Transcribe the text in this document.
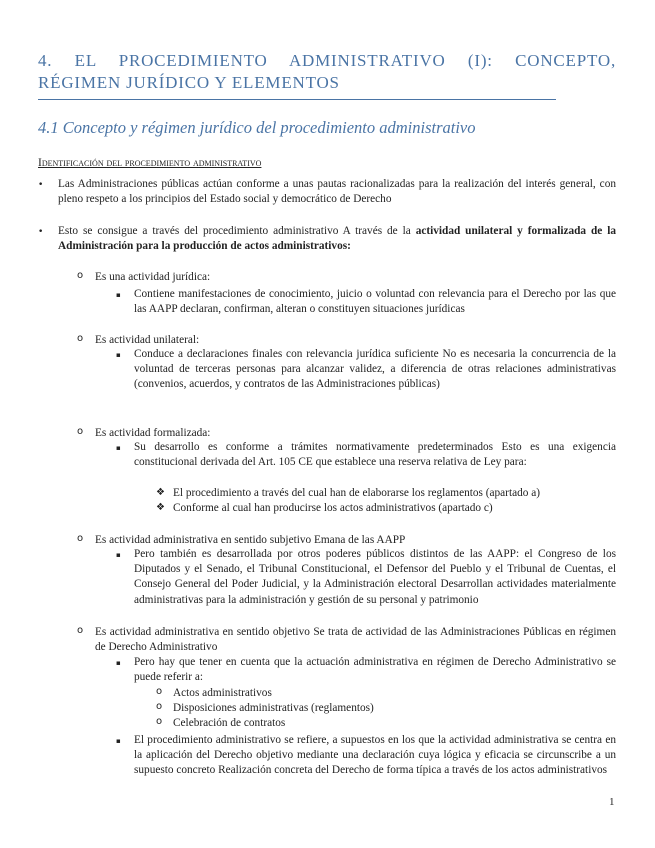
4. EL PROCEDIMIENTO ADMINISTRATIVO (I): CONCEPTO, RÉGIMEN JURÍDICO Y ELEMENTOS
4.1 Concepto y régimen jurídico del procedimiento administrativo
Identificación del procedimiento administrativo
• Las Administraciones públicas actúan conforme a unas pautas racionalizadas para la realización del interés general, con pleno respeto a los principios del Estado social y democrático de Derecho

• Esto se consigue a través del procedimiento administrativo A través de la actividad unilateral y formalizada de la Administración para la producción de actos administrativos:

o Es una actividad jurídica:

▪ Contiene manifestaciones de conocimiento, juicio o voluntad con relevancia para el Derecho por las que las AAPP declaran, confirman, alteran o constituyen situaciones jurídicas

o Es actividad unilateral:

▪ Conduce a declaraciones finales con relevancia jurídica suficiente No es necesaria la concurrencia de la voluntad de terceras personas para alcanzar validez, a diferencia de otras relaciones administrativas (convenios, acuerdos, y contratos de las Administraciones públicas)

o Es actividad formalizada:

▪ Su desarrollo es conforme a trámites normativamente predeterminados Esto es una exigencia constitucional derivada del Art. 105 CE que establece una reserva relativa de Ley para:

❖ El procedimiento a través del cual han de elaborarse los reglamentos (apartado a)

❖ Conforme al cual han producirse los actos administrativos (apartado c)

o Es actividad administrativa en sentido subjetivo Emana de las AAPP

▪ Pero también es desarrollada por otros poderes públicos distintos de las AAPP: el Congreso de los Diputados y el Senado, el Tribunal Constitucional, el Defensor del Pueblo y el Tribunal de Cuentas, el Consejo General del Poder Judicial, y la Administración electoral Desarrollan actividades materialmente administrativas para la administración y gestión de su personal y patrimonio

o Es actividad administrativa en sentido objetivo Se trata de actividad de las Administraciones Públicas en régimen de Derecho Administrativo

▪ Pero hay que tener en cuenta que la actuación administrativa en régimen de Derecho Administrativo se puede referir a:

o Actos administrativos

o Disposiciones administrativas (reglamentos)

o Celebración de contratos

▪ El procedimiento administrativo se refiere, a supuestos en los que la actividad administrativa se centra en la aplicación del Derecho objetivo mediante una declaración cuya lógica y eficacia se circunscribe a un supuesto concreto Realización concreta del Derecho de forma típica a través de los actos administrativos

1
